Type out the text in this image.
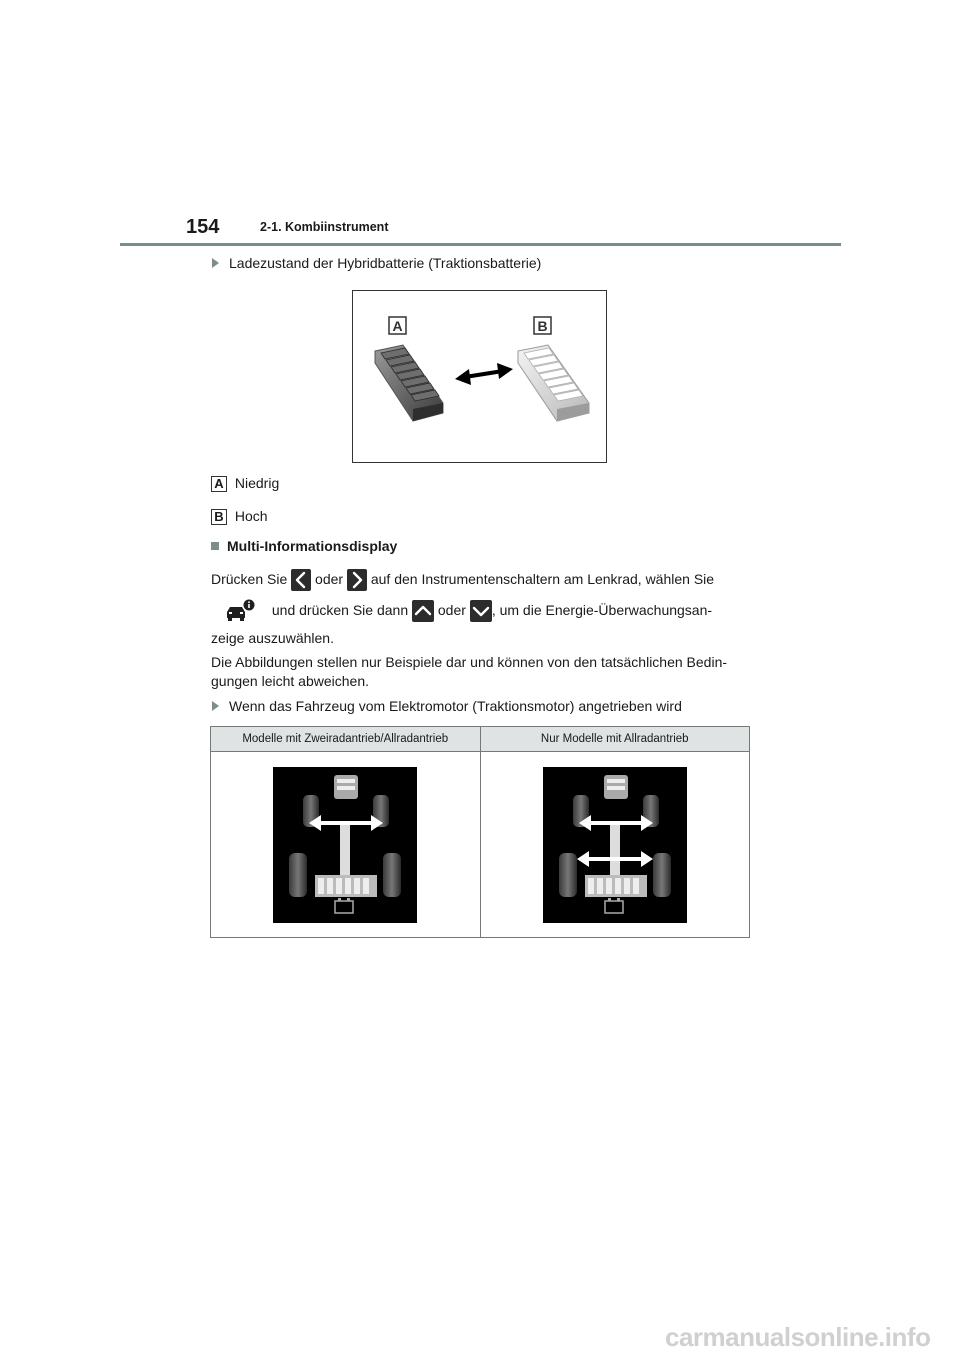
154	2-1. Kombiinstrument
Ladezustand der Hybridbatterie (Traktionsbatterie)
A	B
A Niedrig
B Hoch
Multi-Informationsdisplay
Drücken Sie oder auf den Instrumentenschaltern am Lenkrad, wählen Sie
und drücken Sie dann oder , um die Energie-Überwachungsan-
zeige auszuwählen.
Die Abbildungen stellen nur Beispiele dar und können von den tatsächlichen Bedin-
gungen leicht abweichen.
Wenn das Fahrzeug vom Elektromotor (Traktionsmotor) angetrieben wird
Modelle mit Zweiradantrieb/Allradantrieb	Nur Modelle mit Allradantrieb

carmanualsonline.info
